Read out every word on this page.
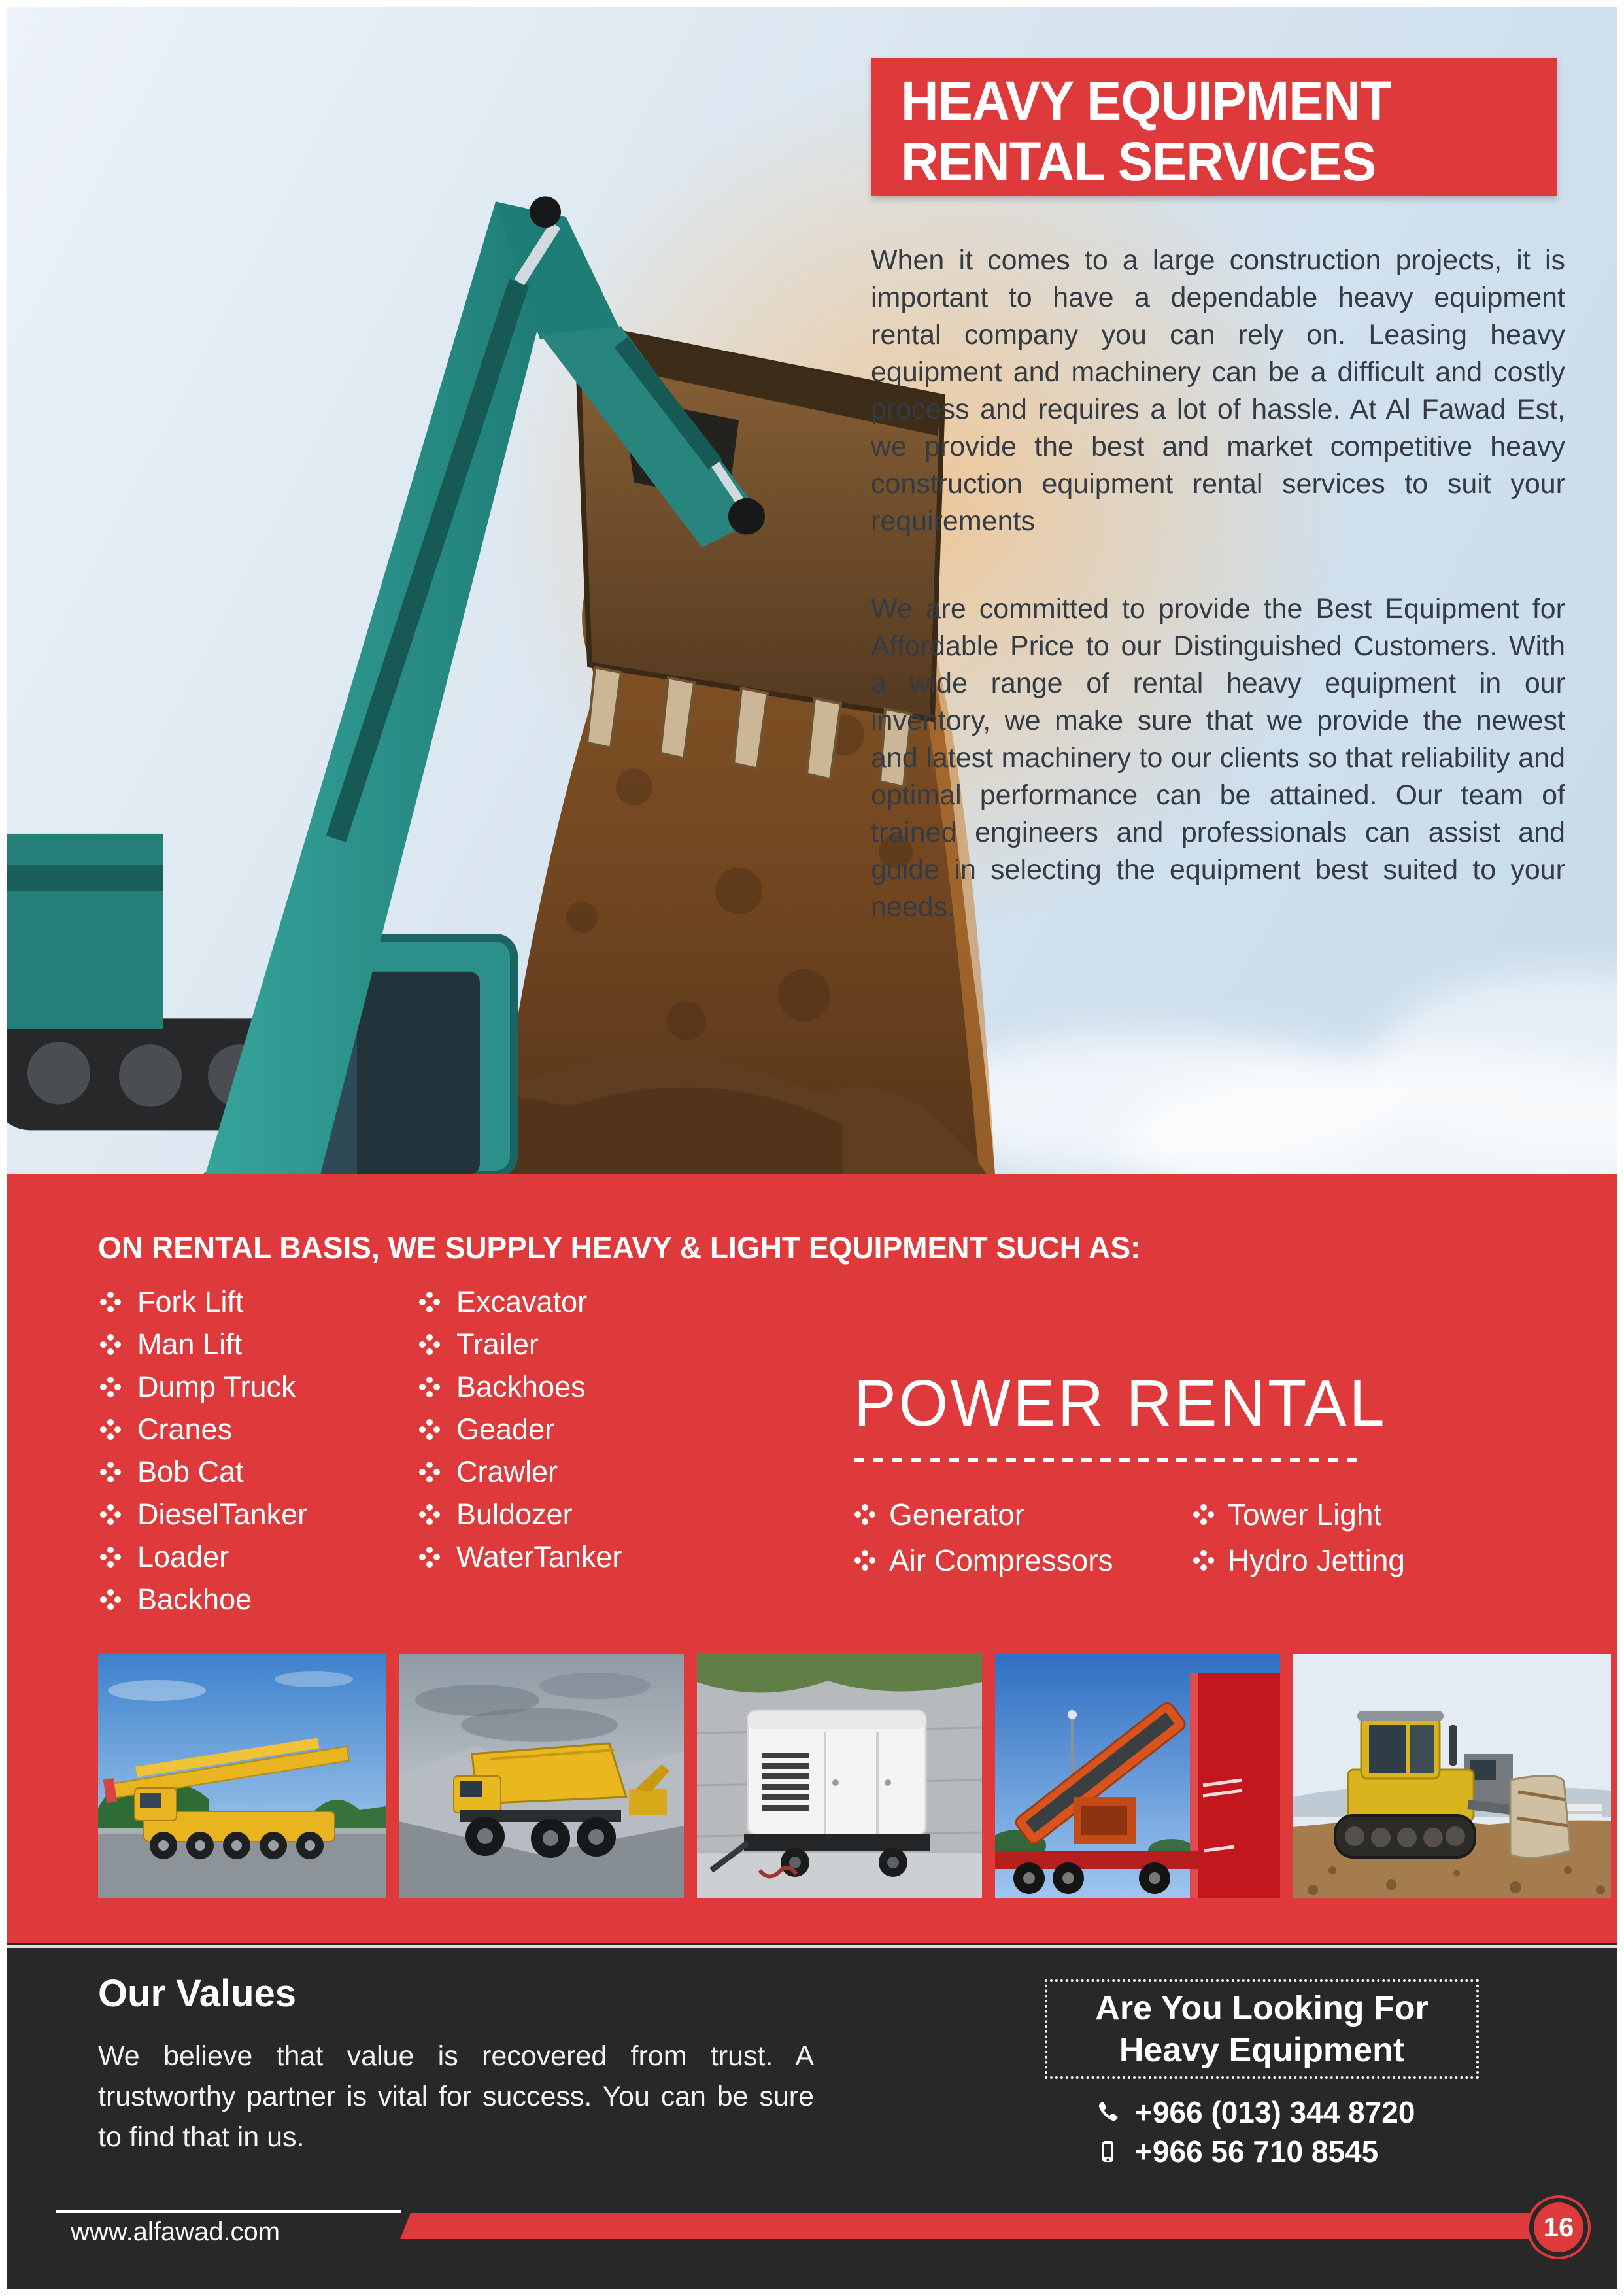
HEAVY EQUIPMENT
RENTAL SERVICES
When it comes to a large construction projects, it is important to have a dependable heavy equipment rental company you can rely on. Leasing heavy equipment and machinery can be a difficult and costly process and requires a lot of hassle. At Al Fawad Est, we provide the best and market competitive heavy construction equipment rental services to suit your requirements
We are committed to provide the Best Equipment for Affordable Price to our Distinguished Customers. With a wide range of rental heavy equipment in our inventory, we make sure that we provide the newest and latest machinery to our clients so that reliability and optimal performance can be attained. Our team of trained engineers and professionals can assist and guide in selecting the equipment best suited to your needs.
ON RENTAL BASIS, WE SUPPLY HEAVY & LIGHT EQUIPMENT SUCH AS:
Fork Lift
Man Lift
Dump Truck
Cranes
Bob Cat
DieselTanker
Loader
Backhoe
Excavator
Trailer
Backhoes
Geader
Crawler
Buldozer
WaterTanker
POWER RENTAL
Generator
Air Compressors
Tower Light
Hydro Jetting
Our Values
We believe that value is recovered from trust. A trustworthy partner is vital for success. You can be sure to find that in us.
Are You Looking For
Heavy Equipment
+966 (013) 344 8720
+966 56 710 8545
www.alfawad.com	16
